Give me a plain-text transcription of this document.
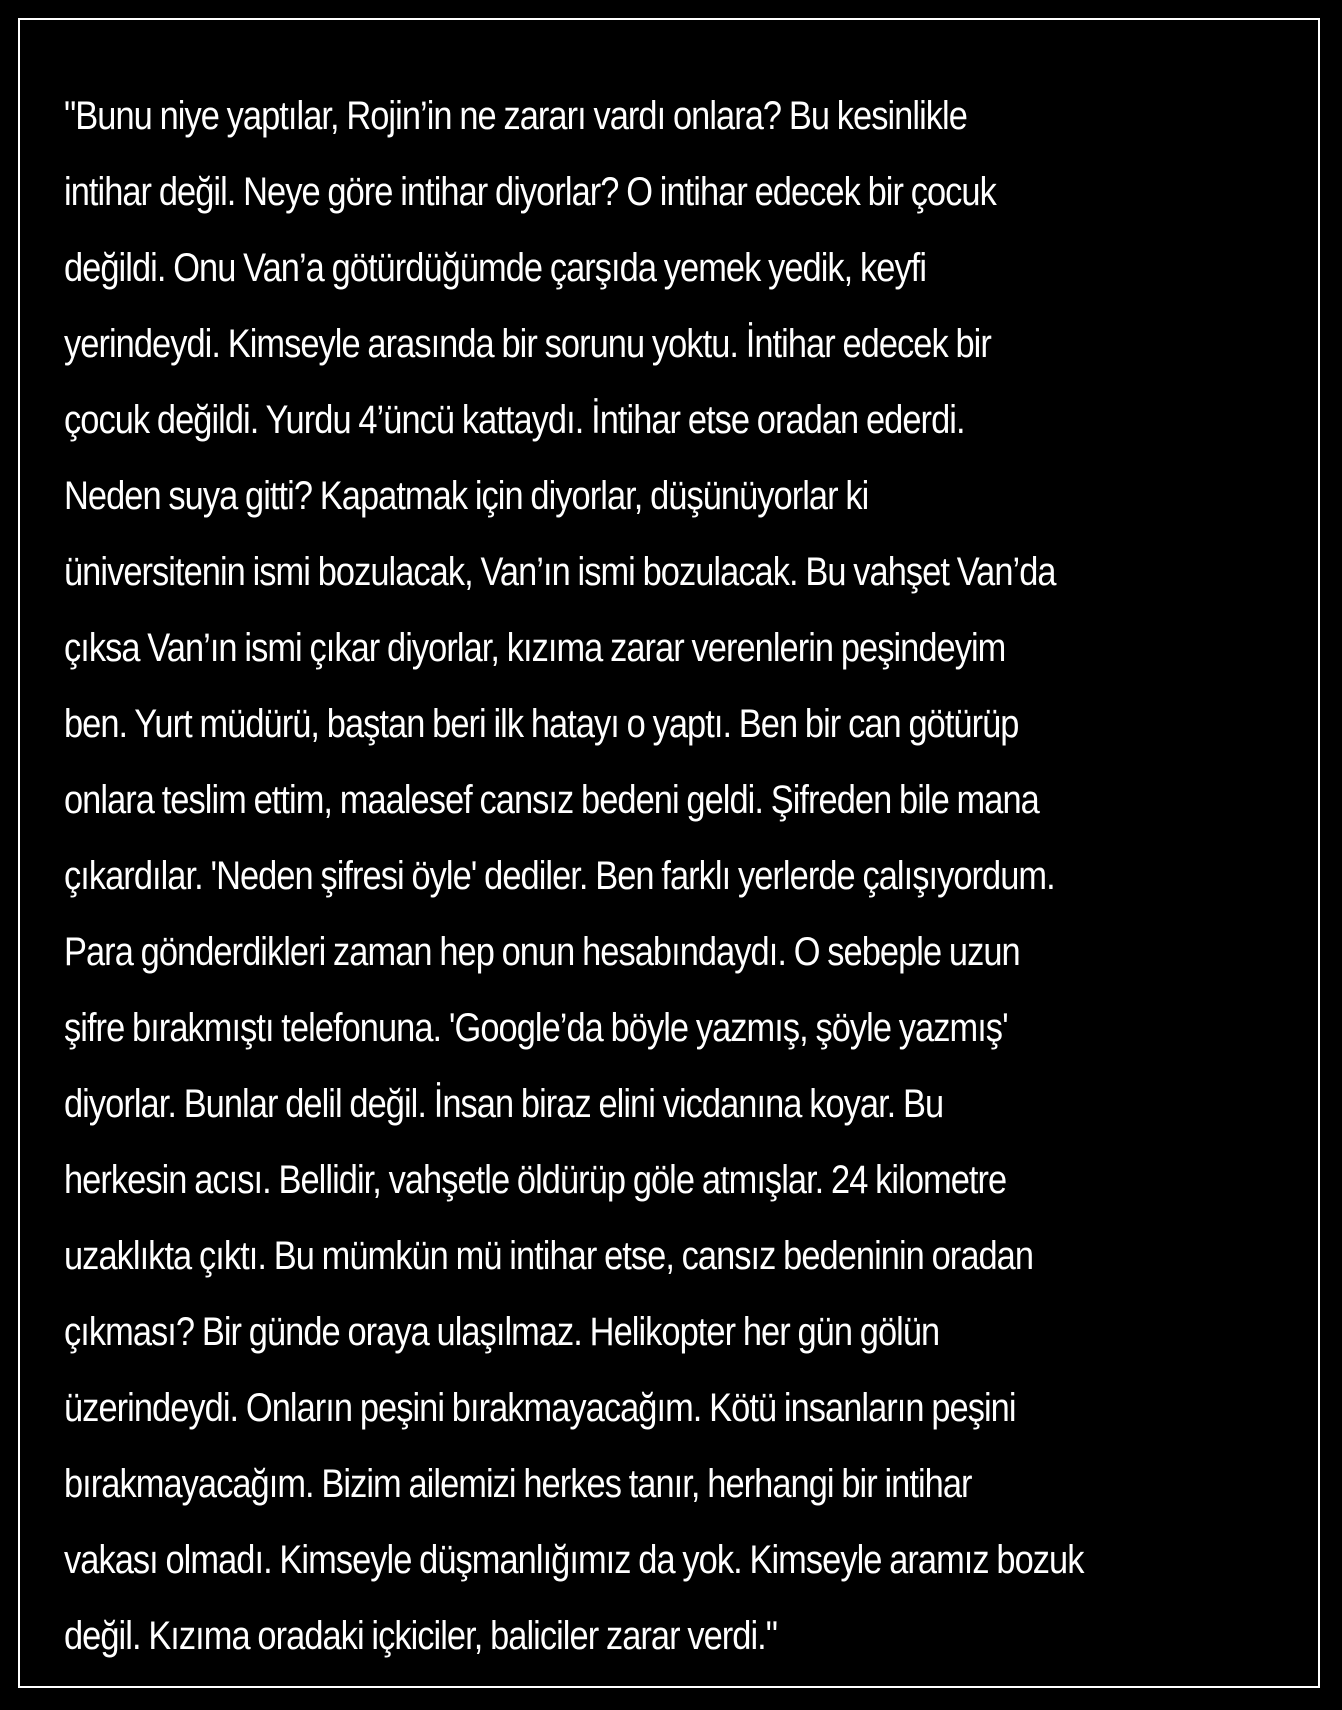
"Bunu niye yaptılar, Rojin’in ne zararı vardı onlara? Bu kesinlikle
intihar değil. Neye göre intihar diyorlar? O intihar edecek bir çocuk
değildi. Onu Van’a götürdüğümde çarşıda yemek yedik, keyfi
yerindeydi. Kimseyle arasında bir sorunu yoktu. İntihar edecek bir
çocuk değildi. Yurdu 4’üncü kattaydı. İntihar etse oradan ederdi.
Neden suya gitti? Kapatmak için diyorlar, düşünüyorlar ki
üniversitenin ismi bozulacak, Van’ın ismi bozulacak. Bu vahşet Van’da
çıksa Van’ın ismi çıkar diyorlar, kızıma zarar verenlerin peşindeyim
ben. Yurt müdürü, baştan beri ilk hatayı o yaptı. Ben bir can götürüp
onlara teslim ettim, maalesef cansız bedeni geldi. Şifreden bile mana
çıkardılar. 'Neden şifresi öyle' dediler. Ben farklı yerlerde çalışıyordum.
Para gönderdikleri zaman hep onun hesabındaydı. O sebeple uzun
şifre bırakmıştı telefonuna. 'Google’da böyle yazmış, şöyle yazmış'
diyorlar. Bunlar delil değil. İnsan biraz elini vicdanına koyar. Bu
herkesin acısı. Bellidir, vahşetle öldürüp göle atmışlar. 24 kilometre
uzaklıkta çıktı. Bu mümkün mü intihar etse, cansız bedeninin oradan
çıkması? Bir günde oraya ulaşılmaz. Helikopter her gün gölün
üzerindeydi. Onların peşini bırakmayacağım. Kötü insanların peşini
bırakmayacağım. Bizim ailemizi herkes tanır, herhangi bir intihar
vakası olmadı. Kimseyle düşmanlığımız da yok. Kimseyle aramız bozuk
değil. Kızıma oradaki içkiciler, baliciler zarar verdi."
